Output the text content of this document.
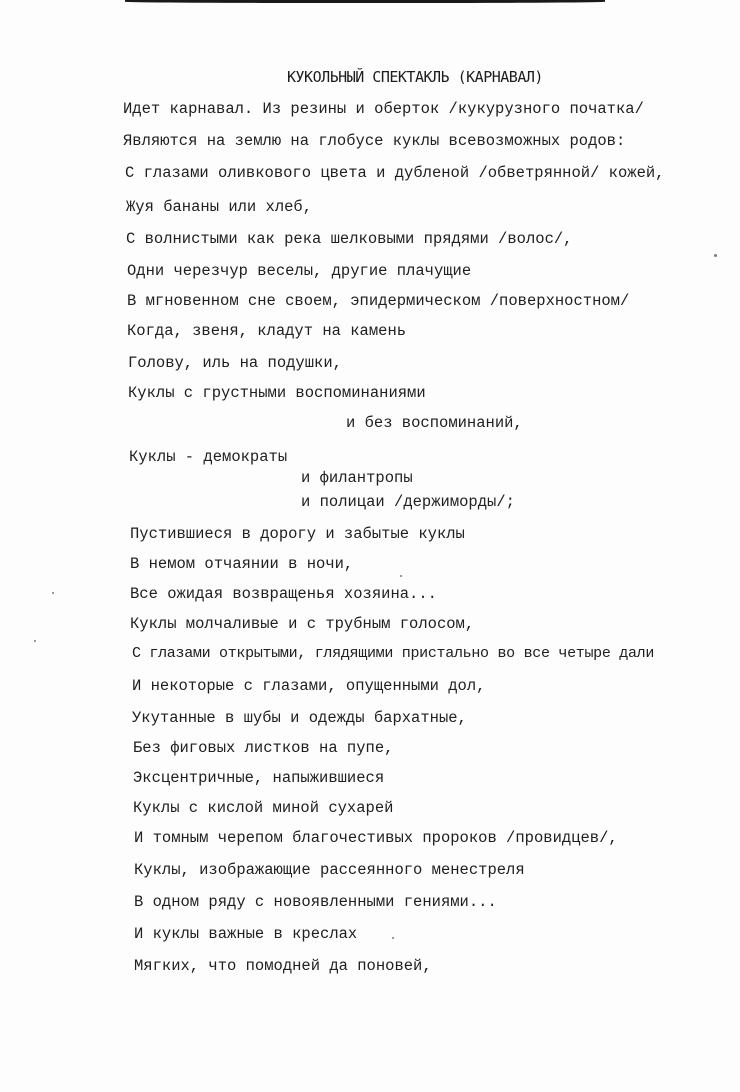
КУКОЛЬНЫЙ СПЕКТАКЛЬ (КАРНАВАЛ)
Идет карнавал. Из резины и оберток /кукурузного початка/
Являются на землю на глобусе куклы всевозможных родов:
С глазами оливкового цвета и дубленой /обветрянной/ кожей,
Жуя бананы или хлеб,
С волнистыми как река шелковыми прядями /волос/,
Одни черезчур веселы, другие плачущие
В мгновенном сне своем, эпидермическом /поверхностном/
Когда, звеня, кладут на камень
Голову, иль на подушки,
Куклы с грустными воспоминаниями
и без воспоминаний,
Куклы - демократы
и филантропы
и полицаи /держиморды/;
Пустившиеся в дорогу и забытые куклы
В немом отчаянии в ночи,
Все ожидая возвращенья хозяина...
Куклы молчаливые и с трубным голосом,
С глазами открытыми, глядящими пристально во все четыре дали
И некоторые с глазами, опущенными дол,
Укутанные в шубы и одежды бархатные,
Без фиговых листков на пупе,
Эксцентричные, напыжившиеся
Куклы с кислой миной сухарей
И томным черепом благочестивых пророков /провидцев/,
Куклы, изображающие рассеянного менестреля
В одном ряду с новоявленными гениями...
И куклы важные в креслах
Мягких, что помодней да поновей,
